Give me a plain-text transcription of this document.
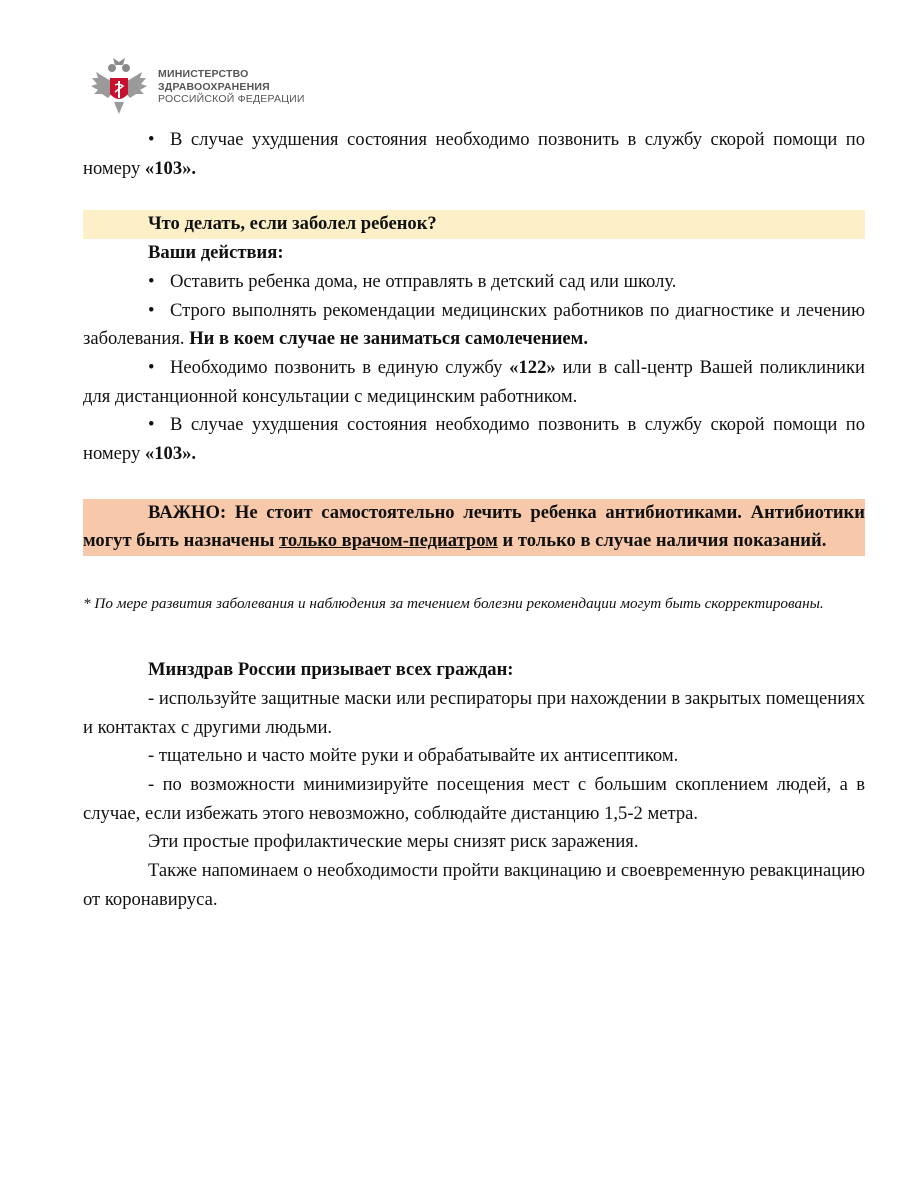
МИНИСТЕРСТВО
ЗДРАВООХРАНЕНИЯ
РОССИЙСКОЙ ФЕДЕРАЦИИ

• В случае ухудшения состояния необходимо позвонить в службу скорой помощи по номеру «103».

Что делать, если заболел ребенок?

Ваши действия:

• Оставить ребенка дома, не отправлять в детский сад или школу.

• Строго выполнять рекомендации медицинских работников по диагностике и лечению заболевания. Ни в коем случае не заниматься самолечением.

• Необходимо позвонить в единую службу «122» или в call-центр Вашей поликлиники для дистанционной консультации с медицинским работником.

• В случае ухудшения состояния необходимо позвонить в службу скорой помощи по номеру «103».

ВАЖНО: Не стоит самостоятельно лечить ребенка антибиотиками. Антибиотики могут быть назначены только врачом-педиатром и только в случае наличия показаний.

* По мере развития заболевания и наблюдения за течением болезни рекомендации могут быть скорректированы.

Минздрав России призывает всех граждан:

- используйте защитные маски или респираторы при нахождении в закрытых помещениях и контактах с другими людьми.

- тщательно и часто мойте руки и обрабатывайте их антисептиком.

- по возможности минимизируйте посещения мест с большим скоплением людей, а в случае, если избежать этого невозможно, соблюдайте дистанцию 1,5-2 метра.

Эти простые профилактические меры снизят риск заражения.

Также напоминаем о необходимости пройти вакцинацию и своевременную ревакцинацию от коронавируса.
